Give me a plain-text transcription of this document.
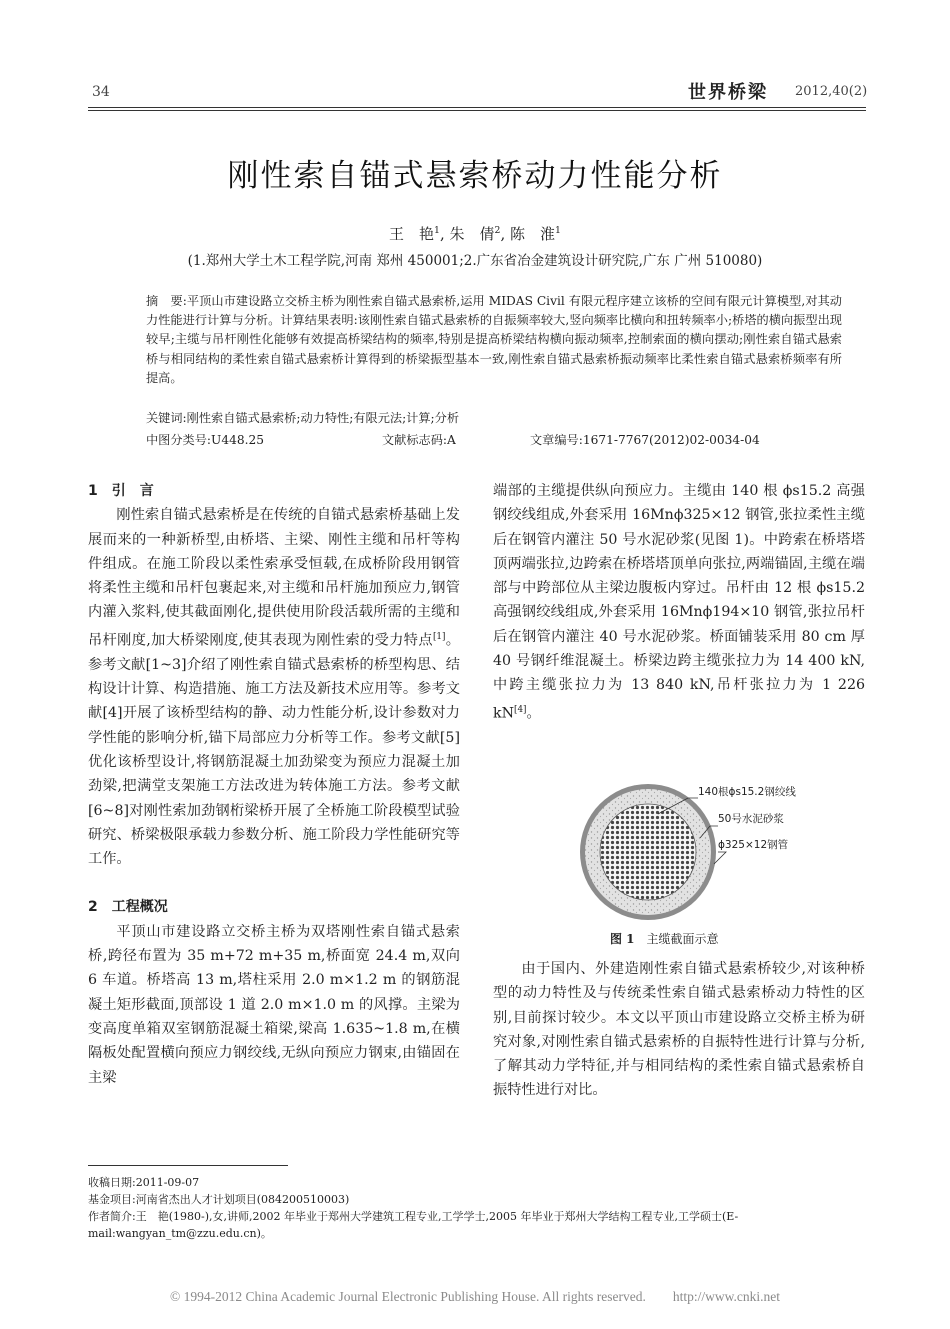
34	世界桥梁 2012,40(2)
刚性索自锚式悬索桥动力性能分析
王　艳$^1$, 朱　倩$^2$, 陈　淮$^1$
(1.郑州大学土木工程学院,河南 郑州 450001;2.广东省冶金建筑设计研究院,广东 广州 510080)
摘　要:平顶山市建设路立交桥主桥为刚性索自锚式悬索桥,运用 MIDAS Civil 有限元程序建立该桥的空间有限元计算模型,对其动力性能进行计算与分析。计算结果表明:该刚性索自锚式悬索桥的自振频率较大,竖向频率比横向和扭转频率小;桥塔的横向振型出现较早;主缆与吊杆刚性化能够有效提高桥梁结构的频率,特别是提高桥梁结构横向振动频率,控制索面的横向摆动;刚性索自锚式悬索桥与相同结构的柔性索自锚式悬索桥计算得到的桥梁振型基本一致,刚性索自锚式悬索桥振动频率比柔性索自锚式悬索桥频率有所提高。
关键词:刚性索自锚式悬索桥;动力特性;有限元法;计算;分析
中图分类号:U448.25	文献标志码:A	文章编号:1671-7767(2012)02-0034-04
1　引　言

刚性索自锚式悬索桥是在传统的自锚式悬索桥基础上发展而来的一种新桥型,由桥塔、主梁、刚性主缆和吊杆等构件组成。在施工阶段以柔性索承受恒载,在成桥阶段用钢管将柔性主缆和吊杆包裹起来,对主缆和吊杆施加预应力,钢管内灌入浆料,使其截面刚化,提供使用阶段活载所需的主缆和吊杆刚度,加大桥梁刚度,使其表现为刚性索的受力特点[1]。参考文献[1~3]介绍了刚性索自锚式悬索桥的桥型构思、结构设计计算、构造措施、施工方法及新技术应用等。参考文献[4]开展了该桥型结构的静、动力性能分析,设计参数对力学性能的影响分析,锚下局部应力分析等工作。参考文献[5]优化该桥型设计,将钢筋混凝土加劲梁变为预应力混凝土加劲梁,把满堂支架施工方法改进为转体施工方法。参考文献[6~8]对刚性索加劲钢桁梁桥开展了全桥施工阶段模型试验研究、桥梁极限承载力参数分析、施工阶段力学性能研究等工作。

2　工程概况

平顶山市建设路立交桥主桥为双塔刚性索自锚式悬索桥,跨径布置为 35 m+72 m+35 m,桥面宽 24.4 m,双向 6 车道。桥塔高 13 m,塔柱采用 2.0 m×1.2 m 的钢筋混凝土矩形截面,顶部设 1 道 2.0 m×1.0 m 的风撑。主梁为变高度单箱双室钢筋混凝土箱梁,梁高 1.635~1.8 m,在横隔板处配置横向预应力钢绞线,无纵向预应力钢束,由锚固在主梁

端部的主缆提供纵向预应力。主缆由 140 根 ϕs15.2 高强钢绞线组成,外套采用 16Mnϕ325×12 钢管,张拉柔性主缆后在钢管内灌注 50 号水泥砂浆(见图 1)。中跨索在桥塔塔顶两端张拉,边跨索在桥塔塔顶单向张拉,两端锚固,主缆在端部与中跨部位从主梁边腹板内穿过。吊杆由 12 根 ϕs15.2 高强钢绞线组成,外套采用 16Mnϕ194×10 钢管,张拉吊杆后在钢管内灌注 40 号水泥砂浆。桥面铺装采用 80 cm 厚 40 号钢纤维混凝土。桥梁边跨主缆张拉力为 14 400 kN,中跨主缆张拉力为 13 840 kN,吊杆张拉力为 1 226 kN[4]。

140根ϕs15.2钢绞线
50号水泥砂浆
ϕ325×12钢管
图 1　 主缆截面示意

由于国内、外建造刚性索自锚式悬索桥较少,对该种桥型的动力特性及与传统柔性索自锚式悬索桥动力特性的区别,目前探讨较少。本文以平顶山市建设路立交桥主桥为研究对象,对刚性索自锚式悬索桥的自振特性进行计算与分析,了解其动力学特征,并与相同结构的柔性索自锚式悬索桥自振特性进行对比。

收稿日期:2011-09-07
基金项目:河南省杰出人才计划项目(084200510003)
作者简介:王　艳(1980-),女,讲师,2002 年毕业于郑州大学建筑工程专业,工学学士,2005 年毕业于郑州大学结构工程专业,工学硕士(E-mail:wangyan_tm@zzu.edu.cn)。
© 1994-2012 China Academic Journal Electronic Publishing House. All rights reserved.　　http://www.cnki.net
